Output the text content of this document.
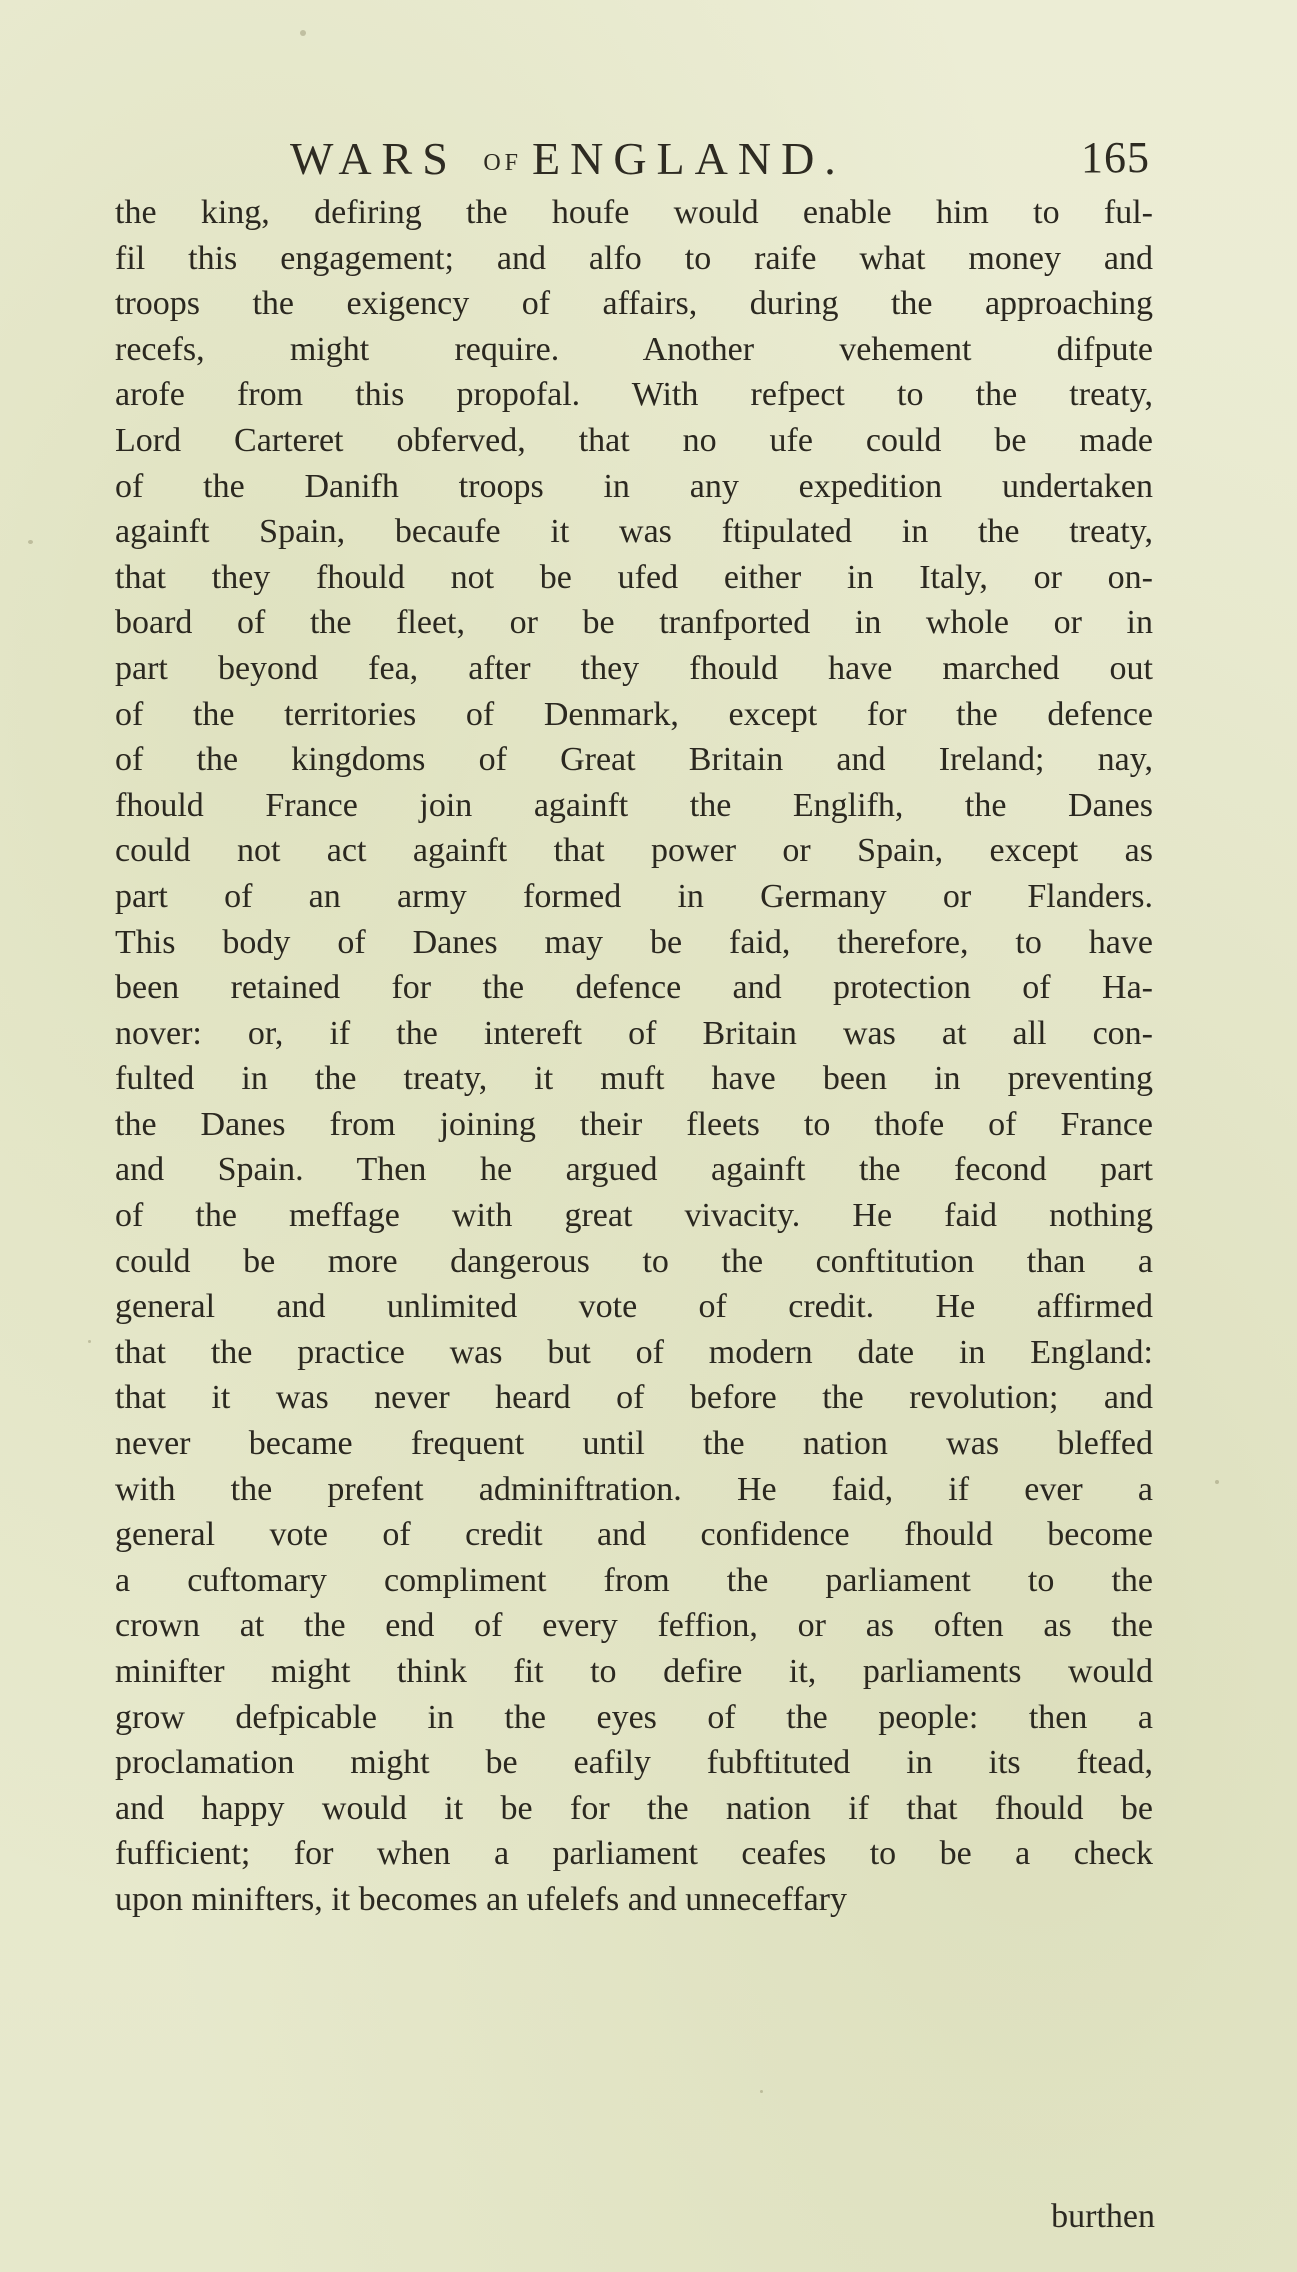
WARS OF ENGLAND.	165
the king, defiring the houfe would enable him to ful-
fil this engagement; and alfo to raife what money and
troops the exigency of affairs, during the approaching
recefs, might require. Another vehement difpute
arofe from this propofal. With refpect to the treaty,
Lord Carteret obferved, that no ufe could be made
of the Danifh troops in any expedition undertaken
againft Spain, becaufe it was ftipulated in the treaty,
that they fhould not be ufed either in Italy, or on-
board of the fleet, or be tranfported in whole or in
part beyond fea, after they fhould have marched out
of the territories of Denmark, except for the defence
of the kingdoms of Great Britain and Ireland; nay,
fhould France join againft the Englifh, the Danes
could not act againft that power or Spain, except as
part of an army formed in Germany or Flanders.
This body of Danes may be faid, therefore, to have
been retained for the defence and protection of Ha-
nover: or, if the intereft of Britain was at all con-
fulted in the treaty, it muft have been in preventing
the Danes from joining their fleets to thofe of France
and Spain. Then he argued againft the fecond part
of the meffage with great vivacity. He faid nothing
could be more dangerous to the conftitution than a
general and unlimited vote of credit. He affirmed
that the practice was but of modern date in England:
that it was never heard of before the revolution; and
never became frequent until the nation was bleffed
with the prefent adminiftration. He faid, if ever a
general vote of credit and confidence fhould become
a cuftomary compliment from the parliament to the
crown at the end of every feffion, or as often as the
minifter might think fit to defire it, parliaments would
grow defpicable in the eyes of the people: then a
proclamation might be eafily fubftituted in its ftead,
and happy would it be for the nation if that fhould be
fufficient; for when a parliament ceafes to be a check
upon minifters, it becomes an ufelefs and unneceffary
burthen
